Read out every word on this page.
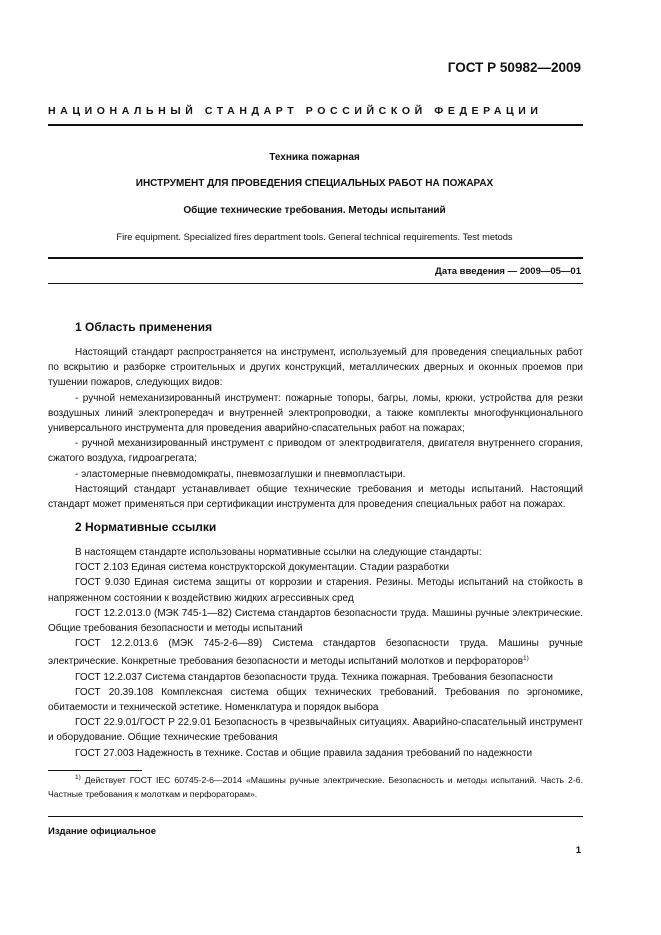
ГОСТ Р 50982—2009
НАЦИОНАЛЬНЫЙ СТАНДАРТ РОССИЙСКОЙ ФЕДЕРАЦИИ
Техника пожарная
ИНСТРУМЕНТ ДЛЯ ПРОВЕДЕНИЯ СПЕЦИАЛЬНЫХ РАБОТ НА ПОЖАРАХ
Общие технические требования. Методы испытаний
Fire equipment. Specialized fires department tools. General technical requirements. Test metods
Дата введения — 2009—05—01
1 Область применения

Настоящий стандарт распространяется на инструмент, используемый для проведения специальных работ по вскрытию и разборке строительных и других конструкций, металлических дверных и оконных проемов при тушении пожаров, следующих видов:

- ручной немеханизированный инструмент: пожарные топоры, багры, ломы, крюки, устройства для резки воздушных линий электропередач и внутренней электропроводки, а также комплекты многофункционального универсального инструмента для проведения аварийно-спасательных работ на пожарах;

- ручной механизированный инструмент с приводом от электродвигателя, двигателя внутреннего сгорания, сжатого воздуха, гидроагрегата;

- эластомерные пневмодомкраты, пневмозаглушки и пневмопластыри.

Настоящий стандарт устанавливает общие технические требования и методы испытаний. Настоящий стандарт может применяться при сертификации инструмента для проведения специальных работ на пожарах.

2 Нормативные ссылки

В настоящем стандарте использованы нормативные ссылки на следующие стандарты:

ГОСТ 2.103 Единая система конструкторской документации. Стадии разработки

ГОСТ 9.030 Единая система защиты от коррозии и старения. Резины. Методы испытаний на стойкость в напряженном состоянии к воздействию жидких агрессивных сред

ГОСТ 12.2.013.0 (МЭК 745-1—82) Система стандартов безопасности труда. Машины ручные электрические. Общие требования безопасности и методы испытаний

ГОСТ 12.2.013.6 (МЭК 745-2-6—89) Система стандартов безопасности труда. Машины ручные электрические. Конкретные требования безопасности и методы испытаний молотков и перфораторов$^{1)}$

ГОСТ 12.2.037 Система стандартов безопасности труда. Техника пожарная. Требования безопасности

ГОСТ 20.39.108 Комплексная система общих технических требований. Требования по эргономике, обитаемости и технической эстетике. Номенклатура и порядок выбора

ГОСТ 22.9.01/ГОСТ Р 22.9.01 Безопасность в чрезвычайных ситуациях. Аварийно-спасательный инструмент и оборудование. Общие технические требования

ГОСТ 27.003 Надежность в технике. Состав и общие правила задания требований по надежности

$^{1)}$ Действует ГОСТ IEC 60745-2-6—2014 «Машины ручные электрические. Безопасность и методы испытаний. Часть 2-6. Частные требования к молоткам и перфораторам».

Издание официальное
1
